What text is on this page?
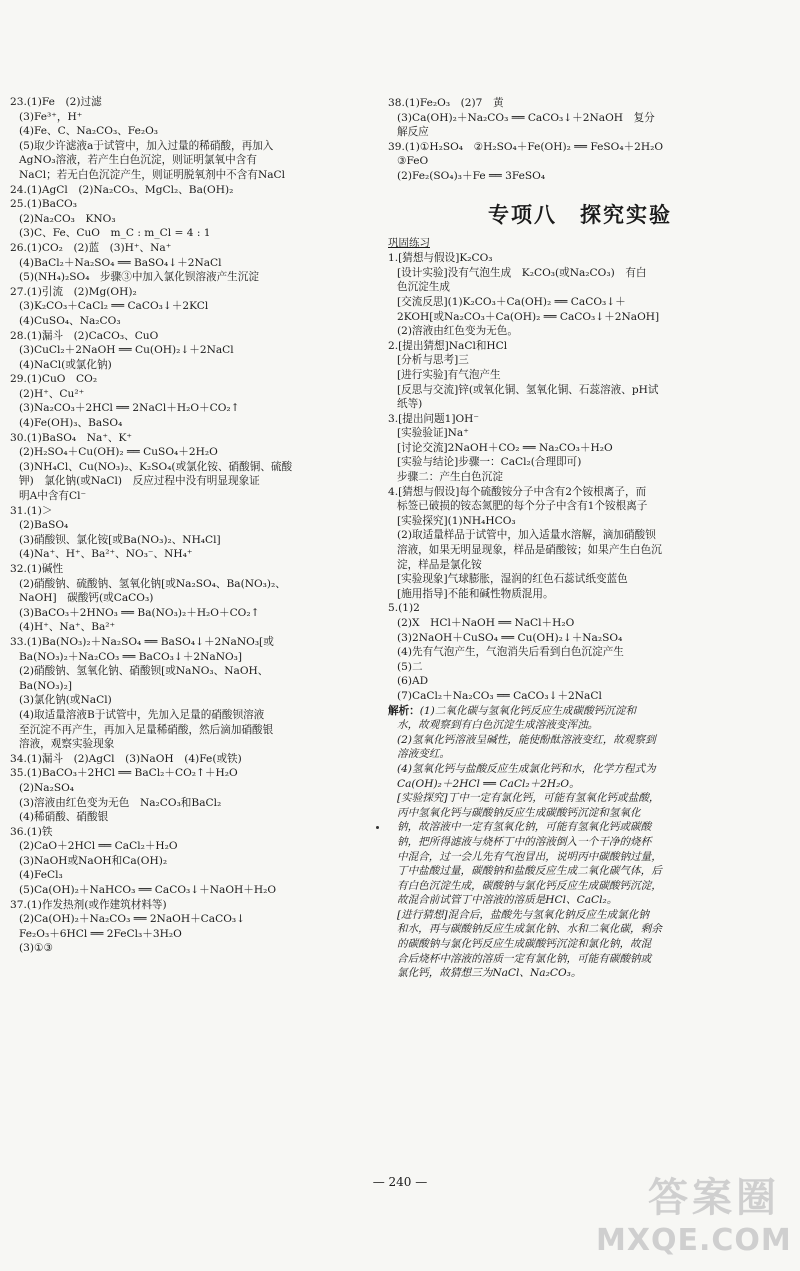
23.(1)Fe　(2)过滤
(3)Fe³⁺，H⁺
(4)Fe、C、Na₂CO₃、Fe₂O₃
(5)取少许滤液a于试管中，加入过量的稀硝酸，再加入
AgNO₃溶液，若产生白色沉淀，则证明氯氧中含有
NaCl；若无白色沉淀产生，则证明脱氧剂中不含有NaCl
24.(1)AgCl　(2)Na₂CO₃、MgCl₂、Ba(OH)₂
25.(1)BaCO₃
(2)Na₂CO₃　KNO₃
(3)C、Fe、CuO　m_C : m_Cl = 4 : 1
26.(1)CO₂　(2)蓝　(3)H⁺、Na⁺
(4)BaCl₂＋Na₂SO₄ ══ BaSO₄↓＋2NaCl
(5)(NH₄)₂SO₄　步骤③中加入氯化钡溶液产生沉淀
27.(1)引流　(2)Mg(OH)₂
(3)K₂CO₃＋CaCl₂ ══ CaCO₃↓＋2KCl
(4)CuSO₄、Na₂CO₃
28.(1)漏斗　(2)CaCO₃、CuO
(3)CuCl₂＋2NaOH ══ Cu(OH)₂↓＋2NaCl
(4)NaCl(或氯化钠)
29.(1)CuO　CO₂
(2)H⁺、Cu²⁺
(3)Na₂CO₃＋2HCl ══ 2NaCl＋H₂O＋CO₂↑
(4)Fe(OH)₃、BaSO₄
30.(1)BaSO₄　Na⁺、K⁺
(2)H₂SO₄＋Cu(OH)₂ ══ CuSO₄＋2H₂O
(3)NH₄Cl、Cu(NO₃)₂、K₂SO₄(或氯化铵、硝酸铜、硫酸
钾)　氯化钠(或NaCl)　反应过程中没有明显现象证
明A中含有Cl⁻
31.(1)＞
(2)BaSO₄
(3)硝酸钡、氯化铵[或Ba(NO₃)₂、NH₄Cl]
(4)Na⁺、H⁺、Ba²⁺、NO₃⁻、NH₄⁺
32.(1)碱性
(2)硝酸钠、硫酸钠、氢氧化钠[或Na₂SO₄、Ba(NO₃)₂、
NaOH]　碳酸钙(或CaCO₃)
(3)BaCO₃＋2HNO₃ ══ Ba(NO₃)₂＋H₂O＋CO₂↑
(4)H⁺、Na⁺、Ba²⁺
33.(1)Ba(NO₃)₂＋Na₂SO₄ ══ BaSO₄↓＋2NaNO₃[或
Ba(NO₃)₂＋Na₂CO₃ ══ BaCO₃↓＋2NaNO₃]
(2)硝酸钠、氢氧化钠、硝酸钡[或NaNO₃、NaOH、
Ba(NO₃)₂]
(3)氯化钠(或NaCl)
(4)取适量溶液B于试管中，先加入足量的硝酸钡溶液
至沉淀不再产生，再加入足量稀硝酸，然后滴加硝酸银
溶液，观察实验现象
34.(1)漏斗　(2)AgCl　(3)NaOH　(4)Fe(或铁)
35.(1)BaCO₃＋2HCl ══ BaCl₂＋CO₂↑＋H₂O
(2)Na₂SO₄
(3)溶液由红色变为无色　Na₂CO₃和BaCl₂
(4)稀硝酸、硝酸银
36.(1)铁
(2)CaO＋2HCl ══ CaCl₂＋H₂O
(3)NaOH或NaOH和Ca(OH)₂
(4)FeCl₃
(5)Ca(OH)₂＋NaHCO₃ ══ CaCO₃↓＋NaOH＋H₂O
37.(1)作发热剂(或作建筑材料等)
(2)Ca(OH)₂＋Na₂CO₃ ══ 2NaOH＋CaCO₃↓
Fe₂O₃＋6HCl ══ 2FeCl₃＋3H₂O
(3)①③
38.(1)Fe₂O₃　(2)7　黄
(3)Ca(OH)₂＋Na₂CO₃ ══ CaCO₃↓＋2NaOH　复分
解反应
39.(1)①H₂SO₄　②H₂SO₄＋Fe(OH)₂ ══ FeSO₄＋2H₂O
③FeO
(2)Fe₂(SO₄)₃＋Fe ══ 3FeSO₄
专项八　探究实验
巩固练习
1.[猜想与假设]K₂CO₃
[设计实验]没有气泡生成　K₂CO₃(或Na₂CO₃)　有白
色沉淀生成
[交流反思](1)K₂CO₃＋Ca(OH)₂ ══ CaCO₃↓＋
2KOH[或Na₂CO₃＋Ca(OH)₂ ══ CaCO₃↓＋2NaOH]
(2)溶液由红色变为无色。
2.[提出猜想]NaCl和HCl
[分析与思考]三
[进行实验]有气泡产生
[反思与交流]锌(或氧化铜、氢氧化铜、石蕊溶液、pH试
纸等)
3.[提出问题1]OH⁻
[实验验证]Na⁺
[讨论交流]2NaOH＋CO₂ ══ Na₂CO₃＋H₂O
[实验与结论]步骤一：CaCl₂(合理即可)
步骤二：产生白色沉淀
4.[猜想与假设]每个硫酸铵分子中含有2个铵根离子，而
标签已破损的铵态氮肥的每个分子中含有1个铵根离子
[实验探究](1)NH₄HCO₃
(2)取适量样品于试管中，加入适量水溶解，滴加硝酸钡
溶液，如果无明显现象，样品是硝酸铵；如果产生白色沉
淀，样品是氯化铵
[实验现象]气球膨胀，湿润的红色石蕊试纸变蓝色
[施用指导]不能和碱性物质混用。
5.(1)2
(2)X　HCl＋NaOH ══ NaCl＋H₂O
(3)2NaOH＋CuSO₄ ══ Cu(OH)₂↓＋Na₂SO₄
(4)先有气泡产生，气泡消失后看到白色沉淀产生
(5)二
(6)AD
(7)CaCl₂＋Na₂CO₃ ══ CaCO₃↓＋2NaCl
解析：(1)二氧化碳与氢氧化钙反应生成碳酸钙沉淀和
水，故观察到有白色沉淀生成溶液变浑浊。
(2)氢氧化钙溶液呈碱性，能使酚酞溶液变红，故观察到
溶液变红。
(4)氢氧化钙与盐酸反应生成氯化钙和水，化学方程式为
Ca(OH)₂＋2HCl ══ CaCl₂＋2H₂O。
[实验探究]丁中一定有氯化钙，可能有氢氧化钙或盐酸，
丙中氢氧化钙与碳酸钠反应生成碳酸钙沉淀和氢氧化
钠，故溶液中一定有氢氧化钠，可能有氢氧化钙或碳酸
钠，把所得滤液与烧杯丁中的溶液倒入一个干净的烧杯
中混合，过一会儿先有气泡冒出，说明丙中碳酸钠过量，
丁中盐酸过量，碳酸钠和盐酸反应生成二氧化碳气体，后
有白色沉淀生成，碳酸钠与氯化钙反应生成碳酸钙沉淀，
故混合前试管丁中溶液的溶质是HCl、CaCl₂。
[进行猜想]混合后，盐酸先与氢氧化钠反应生成氯化钠
和水，再与碳酸钠反应生成氯化钠、水和二氧化碳，剩余
的碳酸钠与氯化钙反应生成碳酸钙沉淀和氯化钠，故混
合后烧杯中溶液的溶质一定有氯化钠，可能有碳酸钠或
氯化钙，故猜想三为NaCl、Na₂CO₃。
— 240 —	答案圈
MXQE.COM
